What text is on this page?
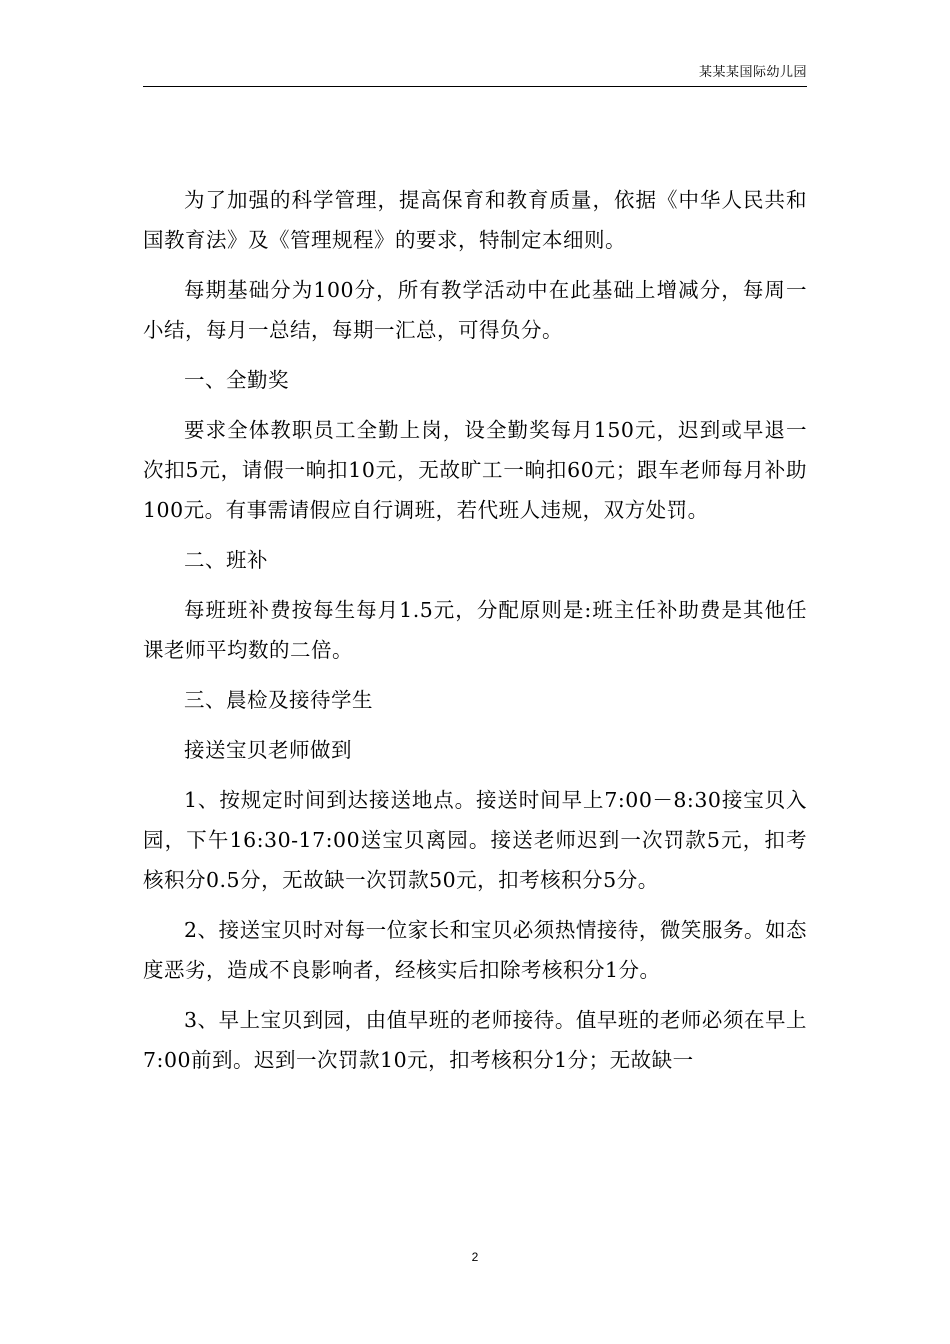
某某某国际幼儿园

为了加强的科学管理，提高保育和教育质量，依据《中华人民共和国教育法》及《管理规程》的要求，特制定本细则。

每期基础分为100分，所有教学活动中在此基础上增减分，每周一小结，每月一总结，每期一汇总，可得负分。

一、全勤奖

要求全体教职员工全勤上岗，设全勤奖每月150元，迟到或早退一次扣5元，请假一晌扣10元，无故旷工一晌扣60元；跟车老师每月补助100元。有事需请假应自行调班，若代班人违规，双方处罚。

二、班补

每班班补费按每生每月1.5元，分配原则是:班主任补助费是其他任课老师平均数的二倍。

三、晨检及接待学生

接送宝贝老师做到

1、按规定时间到达接送地点。接送时间早上7:00－8:30接宝贝入园，下午16:30-17:00送宝贝离园。接送老师迟到一次罚款5元，扣考核积分0.5分，无故缺一次罚款50元，扣考核积分5分。

2、接送宝贝时对每一位家长和宝贝必须热情接待，微笑服务。如态度恶劣，造成不良影响者，经核实后扣除考核积分1分。

3、早上宝贝到园，由值早班的老师接待。值早班的老师必须在早上7:00前到。迟到一次罚款10元，扣考核积分1分；无故缺一

2
